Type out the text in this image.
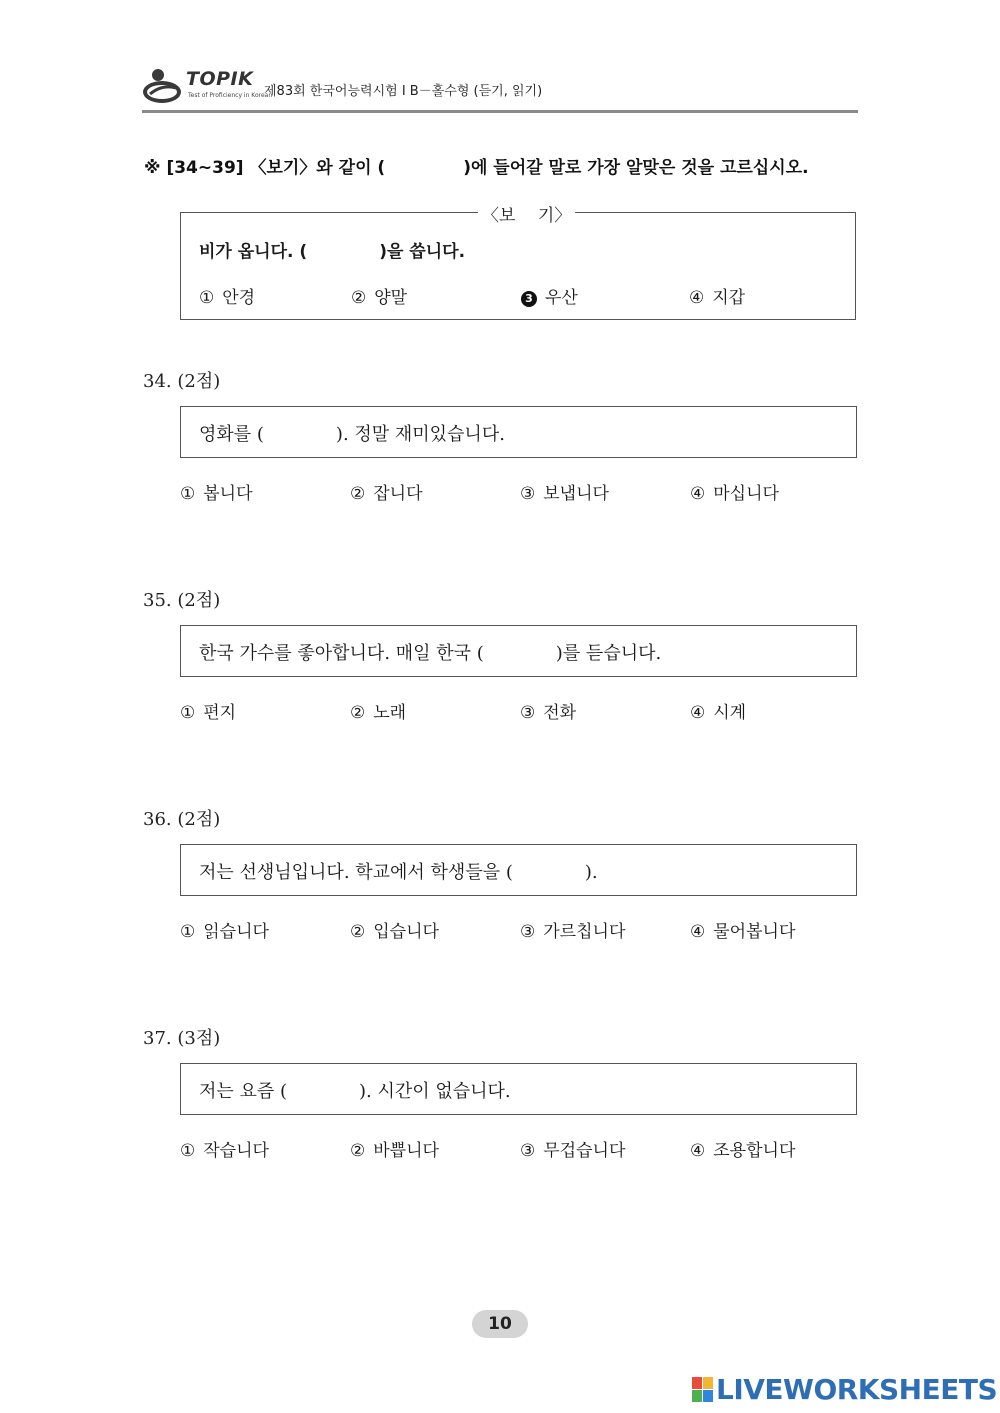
TOPIK
Test of Proficiency in Korean
제83회 한국어능력시험 I B－홀수형 (듣기, 읽기)
※ [34~39] 〈보기〉와 같이 (	)에 들어갈 말로 가장 알맞은 것을 고르십시오.
〈보　 기〉
비가 옵니다. (	)을 씁니다.
① 안경	② 양말	3 우산	④ 지갑
34. (2점)
영화를 (	). 정말 재미있습니다.
① 봅니다	② 잡니다	③ 보냅니다	④ 마십니다
35. (2점)
한국 가수를 좋아합니다. 매일 한국 (	)를 듣습니다.
① 편지	② 노래	③ 전화	④ 시계
36. (2점)
저는 선생님입니다. 학교에서 학생들을 (	).
① 읽습니다	② 입습니다	③ 가르칩니다	④ 물어봅니다
37. (3점)
저는 요즘 (	). 시간이 없습니다.
① 작습니다	② 바쁩니다	③ 무겁습니다	④ 조용합니다
10
LIVEWORKSHEETS
